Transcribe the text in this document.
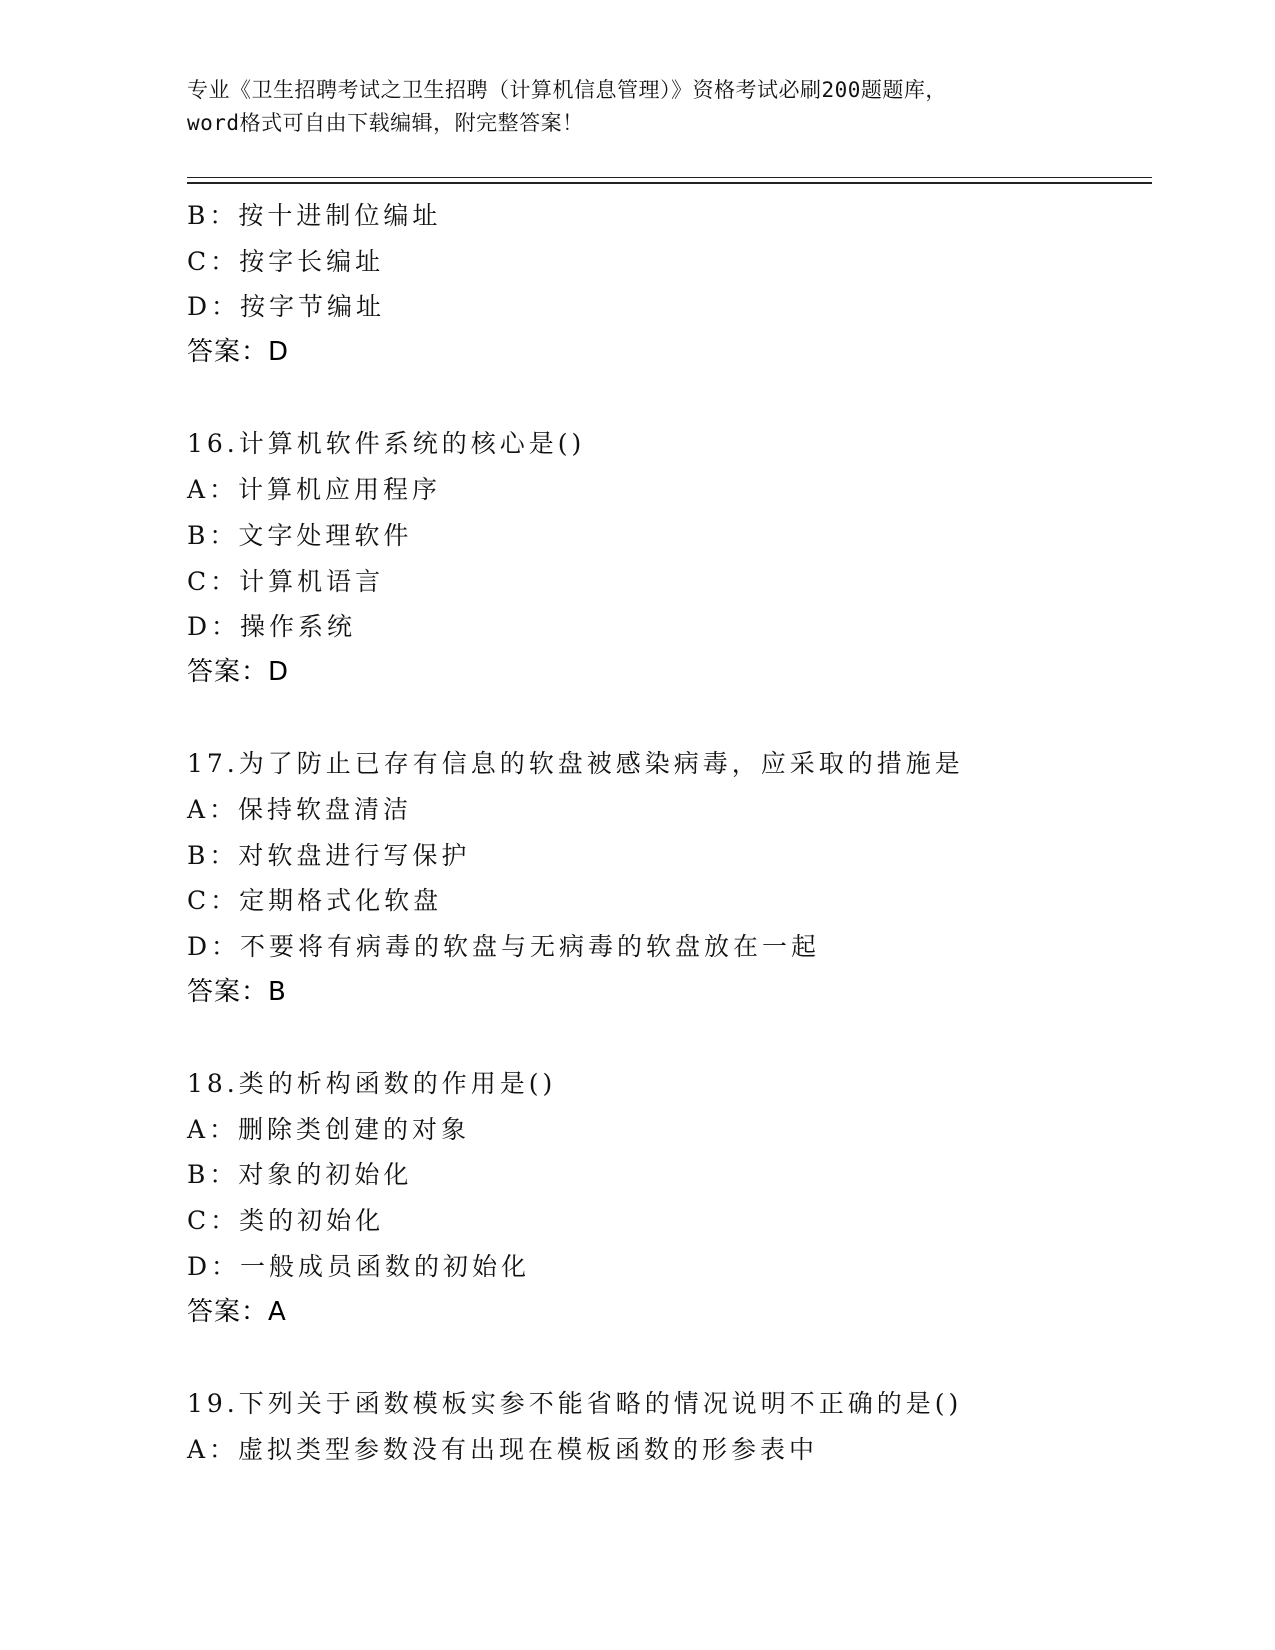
专业《卫生招聘考试之卫生招聘（计算机信息管理）》资格考试必刷200题题库，
word格式可自由下载编辑，附完整答案！
B：按十进制位编址
C：按字长编址
D：按字节编址
答案：D
16.计算机软件系统的核心是()
A：计算机应用程序
B：文字处理软件
C：计算机语言
D：操作系统
答案：D
17.为了防止已存有信息的软盘被感染病毒，应采取的措施是
A：保持软盘清洁
B：对软盘进行写保护
C：定期格式化软盘
D：不要将有病毒的软盘与无病毒的软盘放在一起
答案：B
18.类的析构函数的作用是()
A：删除类创建的对象
B：对象的初始化
C：类的初始化
D：一般成员函数的初始化
答案：A
19.下列关于函数模板实参不能省略的情况说明不正确的是()
A：虚拟类型参数没有出现在模板函数的形参表中
